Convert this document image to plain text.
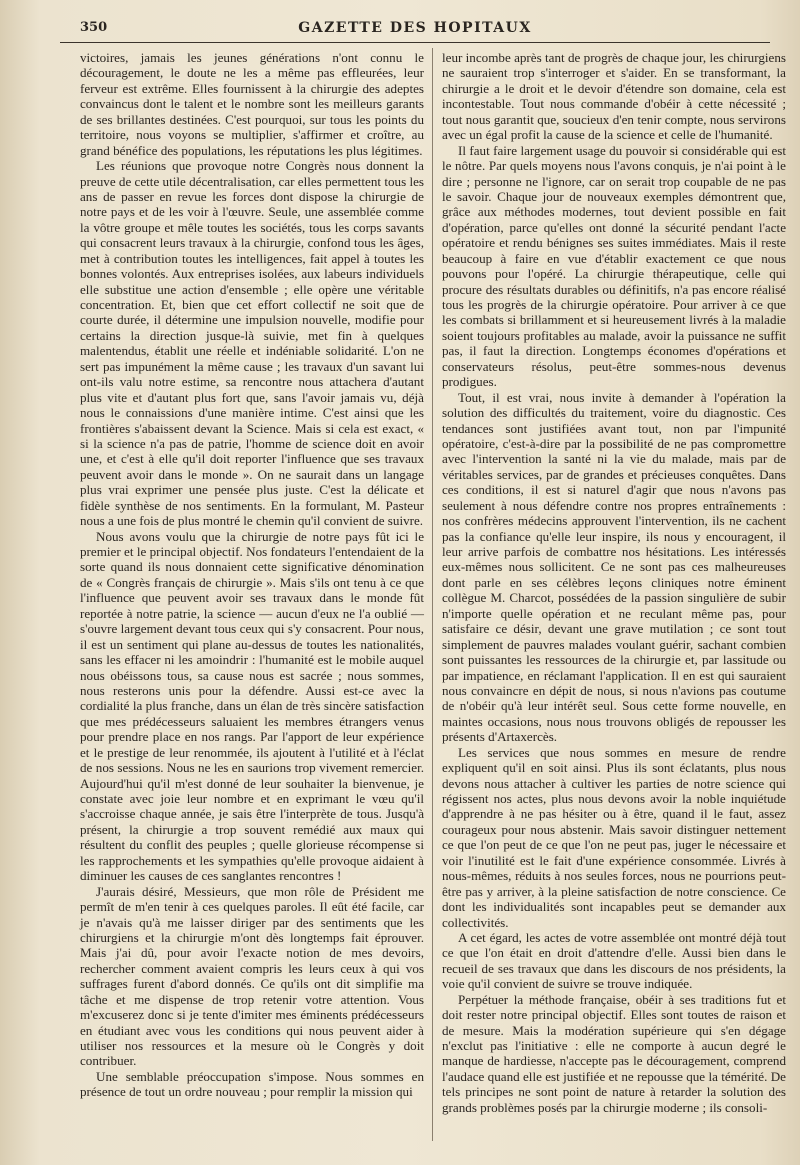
350	GAZETTE DES HOPITAUX

victoires, jamais les jeunes générations n'ont connu le découragement, le doute ne les a même pas effleurées, leur ferveur est extrême. Elles fournissent à la chirurgie des adeptes convaincus dont le talent et le nombre sont les meilleurs garants de ses brillantes destinées. C'est pourquoi, sur tous les points du territoire, nous voyons se multiplier, s'affirmer et croître, au grand bénéfice des populations, les réputations les plus légitimes.

Les réunions que provoque notre Congrès nous donnent la preuve de cette utile décentralisation, car elles permettent tous les ans de passer en revue les forces dont dispose la chirurgie de notre pays et de les voir à l'œuvre. Seule, une assemblée comme la vôtre groupe et mêle toutes les sociétés, tous les corps savants qui consacrent leurs travaux à la chirurgie, confond tous les âges, met à contribution toutes les intelligences, fait appel à toutes les bonnes volontés. Aux entreprises isolées, aux labeurs individuels elle substitue une action d'ensemble ; elle opère une véritable concentration. Et, bien que cet effort collectif ne soit que de courte durée, il détermine une impulsion nouvelle, modifie pour certains la direction jusque-là suivie, met fin à quelques malentendus, établit une réelle et indéniable solidarité. L'on ne sert pas impunément la même cause ; les travaux d'un savant lui ont-ils valu notre estime, sa rencontre nous attachera d'autant plus vite et d'autant plus fort que, sans l'avoir jamais vu, déjà nous le connaissions d'une manière intime. C'est ainsi que les frontières s'abaissent devant la Science. Mais si cela est exact, « si la science n'a pas de patrie, l'homme de science doit en avoir une, et c'est à elle qu'il doit reporter l'influence que ses travaux peuvent avoir dans le monde ». On ne saurait dans un langage plus vrai exprimer une pensée plus juste. C'est la délicate et fidèle synthèse de nos sentiments. En la formulant, M. Pasteur nous a une fois de plus montré le chemin qu'il convient de suivre.

Nous avons voulu que la chirurgie de notre pays fût ici le premier et le principal objectif. Nos fondateurs l'entendaient de la sorte quand ils nous donnaient cette significative dénomination de « Congrès français de chirurgie ». Mais s'ils ont tenu à ce que l'influence que peuvent avoir ses travaux dans le monde fût reportée à notre patrie, la science — aucun d'eux ne l'a oublié — s'ouvre largement devant tous ceux qui s'y consacrent. Pour nous, il est un sentiment qui plane au-dessus de toutes les nationalités, sans les effacer ni les amoindrir : l'humanité est le mobile auquel nous obéissons tous, sa cause nous est sacrée ; nous sommes, nous resterons unis pour la défendre. Aussi est-ce avec la cordialité la plus franche, dans un élan de très sincère satisfaction que mes prédécesseurs saluaient les membres étrangers venus pour prendre place en nos rangs. Par l'apport de leur expérience et le prestige de leur renommée, ils ajoutent à l'utilité et à l'éclat de nos sessions. Nous ne les en saurions trop vivement remercier. Aujourd'hui qu'il m'est donné de leur souhaiter la bienvenue, je constate avec joie leur nombre et en exprimant le vœu qu'il s'accroisse chaque année, je sais être l'interprète de tous. Jusqu'à présent, la chirurgie a trop souvent remédié aux maux qui résultent du conflit des peuples ; quelle glorieuse récompense si les rapprochements et les sympathies qu'elle provoque aidaient à diminuer les causes de ces sanglantes rencontres !

J'aurais désiré, Messieurs, que mon rôle de Président me permît de m'en tenir à ces quelques paroles. Il eût été facile, car je n'avais qu'à me laisser diriger par des sentiments que les chirurgiens et la chirurgie m'ont dès longtemps fait éprouver. Mais j'ai dû, pour avoir l'exacte notion de mes devoirs, rechercher comment avaient compris les leurs ceux à qui vos suffrages furent d'abord donnés. Ce qu'ils ont dit simplifie ma tâche et me dispense de trop retenir votre attention. Vous m'excuserez donc si je tente d'imiter mes éminents prédécesseurs en étudiant avec vous les conditions qui nous peuvent aider à utiliser nos ressources et la mesure où le Congrès y doit contribuer.

Une semblable préoccupation s'impose. Nous sommes en présence de tout un ordre nouveau ; pour remplir la mission qui

leur incombe après tant de progrès de chaque jour, les chirurgiens ne sauraient trop s'interroger et s'aider. En se transformant, la chirurgie a le droit et le devoir d'étendre son domaine, cela est incontestable. Tout nous commande d'obéir à cette nécessité ; tout nous garantit que, soucieux d'en tenir compte, nous servirons avec un égal profit la cause de la science et celle de l'humanité.

Il faut faire largement usage du pouvoir si considérable qui est le nôtre. Par quels moyens nous l'avons conquis, je n'ai point à le dire ; personne ne l'ignore, car on serait trop coupable de ne pas le savoir. Chaque jour de nouveaux exemples démontrent que, grâce aux méthodes modernes, tout devient possible en fait d'opération, parce qu'elles ont donné la sécurité pendant l'acte opératoire et rendu bénignes ses suites immédiates. Mais il reste beaucoup à faire en vue d'établir exactement ce que nous pouvons pour l'opéré. La chirurgie thérapeutique, celle qui procure des résultats durables ou définitifs, n'a pas encore réalisé tous les progrès de la chirurgie opératoire. Pour arriver à ce que les combats si brillamment et si heureusement livrés à la maladie soient toujours profitables au malade, avoir la puissance ne suffit pas, il faut la direction. Longtemps économes d'opérations et conservateurs résolus, peut-être sommes-nous devenus prodigues.

Tout, il est vrai, nous invite à demander à l'opération la solution des difficultés du traitement, voire du diagnostic. Ces tendances sont justifiées avant tout, non par l'impunité opératoire, c'est-à-dire par la possibilité de ne pas compromettre avec l'intervention la santé ni la vie du malade, mais par de véritables services, par de grandes et précieuses conquêtes. Dans ces conditions, il est si naturel d'agir que nous n'avons pas seulement à nous défendre contre nos propres entraînements : nos confrères médecins approuvent l'intervention, ils ne cachent pas la confiance qu'elle leur inspire, ils nous y encouragent, il leur arrive parfois de combattre nos hésitations. Les intéressés eux-mêmes nous sollicitent. Ce ne sont pas ces malheureuses dont parle en ses célèbres leçons cliniques notre éminent collègue M. Charcot, possédées de la passion singulière de subir n'importe quelle opération et ne reculant même pas, pour satisfaire ce désir, devant une grave mutilation ; ce sont tout simplement de pauvres malades voulant guérir, sachant combien sont puissantes les ressources de la chirurgie et, par lassitude ou par impatience, en réclamant l'application. Il en est qui sauraient nous convaincre en dépit de nous, si nous n'avions pas coutume de n'obéir qu'à leur intérêt seul. Sous cette forme nouvelle, en maintes occasions, nous nous trouvons obligés de repousser les présents d'Artaxercès.

Les services que nous sommes en mesure de rendre expliquent qu'il en soit ainsi. Plus ils sont éclatants, plus nous devons nous attacher à cultiver les parties de notre science qui régissent nos actes, plus nous devons avoir la noble inquiétude d'apprendre à ne pas hésiter ou à être, quand il le faut, assez courageux pour nous abstenir. Mais savoir distinguer nettement ce que l'on peut de ce que l'on ne peut pas, juger le nécessaire et voir l'inutilité est le fait d'une expérience consommée. Livrés à nous-mêmes, réduits à nos seules forces, nous ne pourrions peut-être pas y arriver, à la pleine satisfaction de notre conscience. Ce dont les individualités sont incapables peut se demander aux collectivités.

A cet égard, les actes de votre assemblée ont montré déjà tout ce que l'on était en droit d'attendre d'elle. Aussi bien dans le recueil de ses travaux que dans les discours de nos présidents, la voie qu'il convient de suivre se trouve indiquée.

Perpétuer la méthode française, obéir à ses traditions fut et doit rester notre principal objectif. Elles sont toutes de raison et de mesure. Mais la modération supérieure qui s'en dégage n'exclut pas l'initiative : elle ne comporte à aucun degré le manque de hardiesse, n'accepte pas le découragement, comprend l'audace quand elle est justifiée et ne repousse que la témérité. De tels principes ne sont point de nature à retarder la solution des grands problèmes posés par la chirurgie moderne ; ils consoli-
